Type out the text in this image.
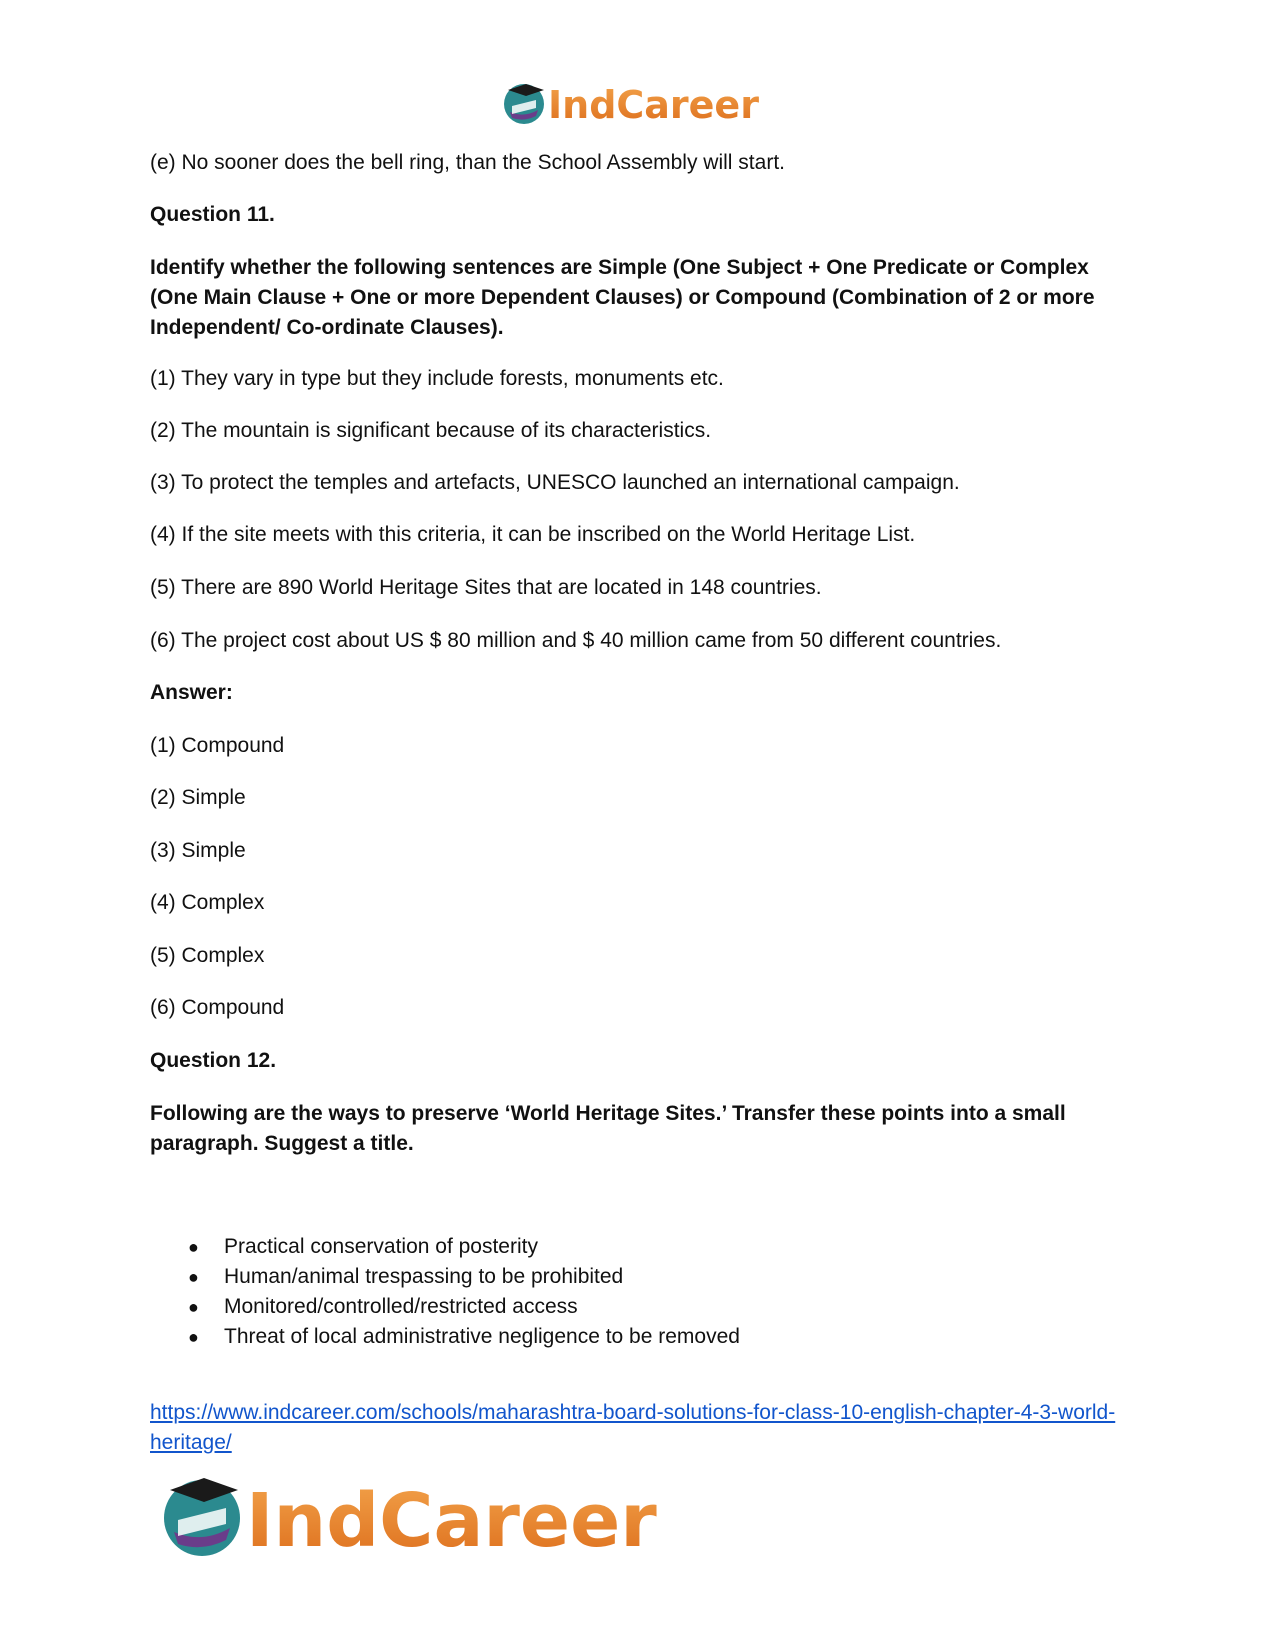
IndCareer
(e) No sooner does the bell ring, than the School Assembly will start.
Question 11.
Identify whether the following sentences are Simple (One Subject + One Predicate or Complex (One Main Clause + One or more Dependent Clauses) or Compound (Combination of 2 or more Independent/ Co-ordinate Clauses).
(1) They vary in type but they include forests, monuments etc.
(2) The mountain is significant because of its characteristics.
(3) To protect the temples and artefacts, UNESCO launched an international campaign.
(4) If the site meets with this criteria, it can be inscribed on the World Heritage List.
(5) There are 890 World Heritage Sites that are located in 148 countries.
(6) The project cost about US $ 80 million and $ 40 million came from 50 different countries.
Answer:
(1) Compound
(2) Simple
(3) Simple
(4) Complex
(5) Complex
(6) Compound
Question 12.
Following are the ways to preserve ‘World Heritage Sites.’ Transfer these points into a small paragraph. Suggest a title.
● Practical conservation of posterity
● Human/animal trespassing to be prohibited
● Monitored/controlled/restricted access
● Threat of local administrative negligence to be removed
https://www.indcareer.com/schools/maharashtra-board-solutions-for-class-10-english-chapter-4-3-world-heritage/
IndCareer
